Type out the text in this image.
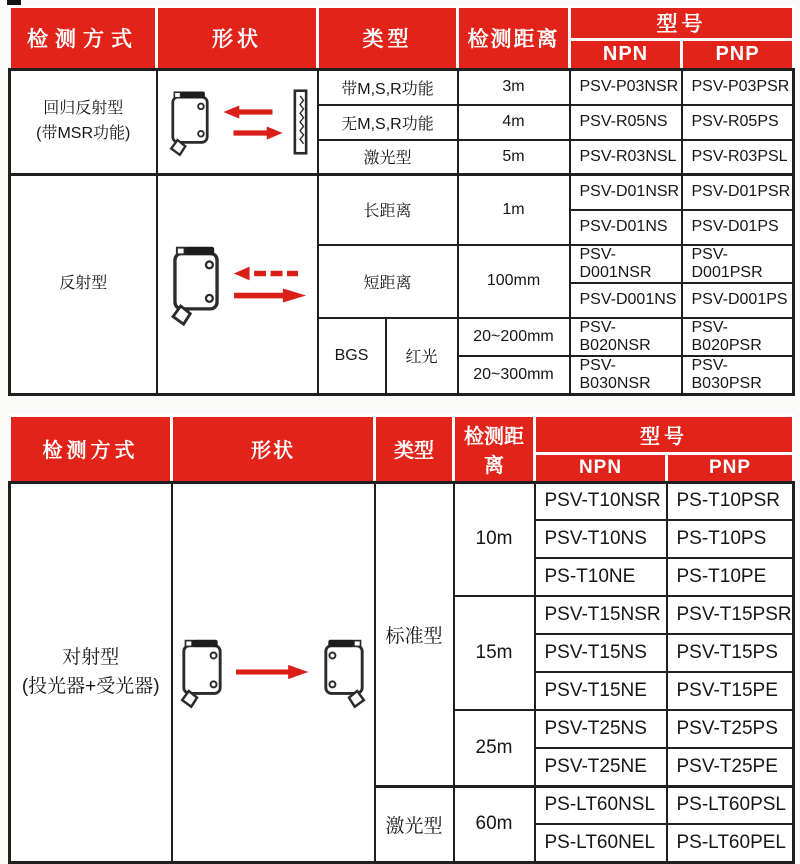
检测方式	形状	类型		检测距离	型号	
					NPN	PNP

回归反射型
(带MSR功能)		带M,S,R功能		3m	PSV-P03NSR	PSV-P03PSR
		无M,S,R功能		4m	PSV-R05NS	PSV-R05PS
		激光型		5m	PSV-R03NSL	PSV-R03PSL
反射型		长距离		1m	PSV-D01NSR	PSV-D01PSR
					PSV-D01NS	PSV-D01PS
		短距离		100mm	PSV-D001NSR	PSV-D001PSR
					PSV-D001NS	PSV-D001PS
		BGS	红光	20~200mm	PSV-B020NSR	PSV-B020PSR
				20~300mm	PSV-B030NSR	PSV-B030PSR
检测方式	形状	类型	检测距离	型号	
				NPN	PNP

对射型
(投光器+受光器)		标准型	10m	PSV-T10NSR	PS-T10PSR
				PSV-T10NS	PS-T10PS
				PS-T10NE	PS-T10PE
			15m	PSV-T15NSR	PSV-T15PSR
				PSV-T15NS	PSV-T15PS
				PSV-T15NE	PSV-T15PE
			25m	PSV-T25NS	PSV-T25PS
				PSV-T25NE	PSV-T25PE
		激光型	60m	PS-LT60NSL	PS-LT60PSL
				PS-LT60NEL	PS-LT60PEL
